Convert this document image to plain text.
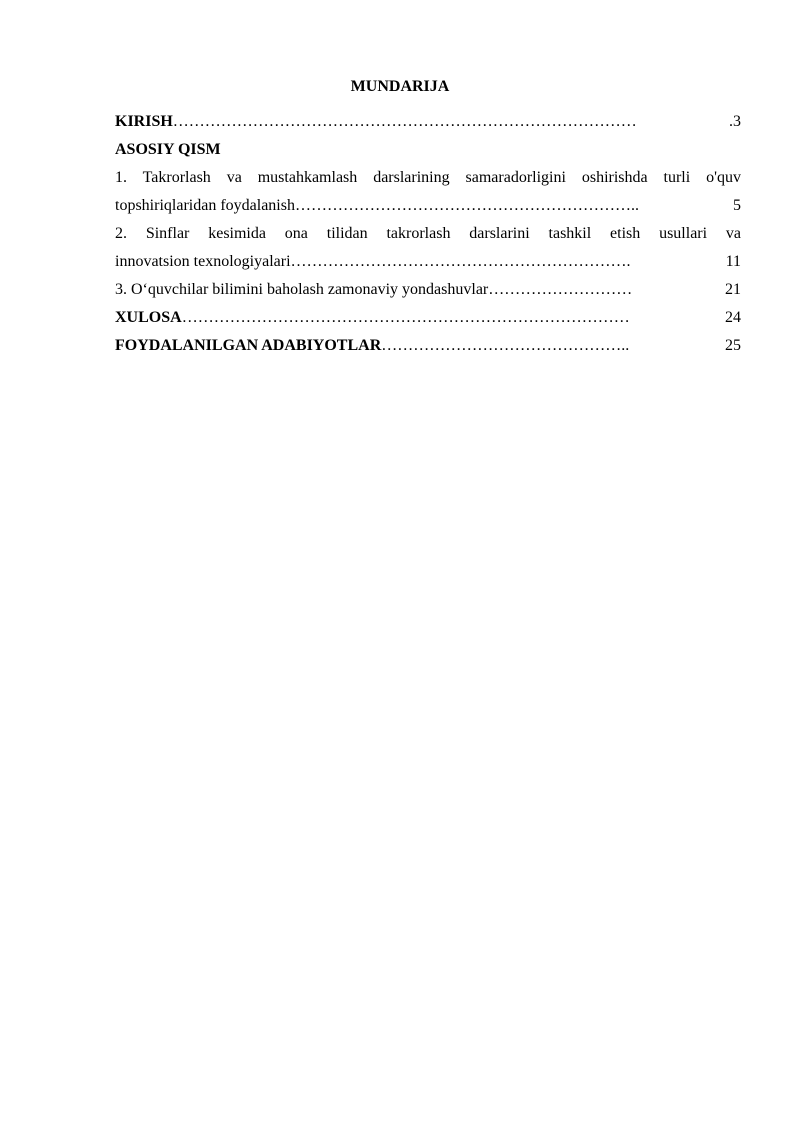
MUNDARIJA
KIRISH ……………………………………………………………………………	.3
ASOSIY QISM
1. Takrorlash va mustahkamlash darslarining samaradorligini oshirishda turli o'quv
topshiriqlaridan foydalanish ………………………………………………………..	5
2. Sinflar kesimida ona tilidan takrorlash darslarini tashkil etish usullari va
innovatsion texnologiyalari ……………………………………………………….	11
3. O‘quvchilar bilimini baholash zamonaviy yondashuvlar ………………………	21
XULOSA …………………………………………………………………………	24
FOYDALANILGAN ADABIYOTLAR ………………………………………..	25
